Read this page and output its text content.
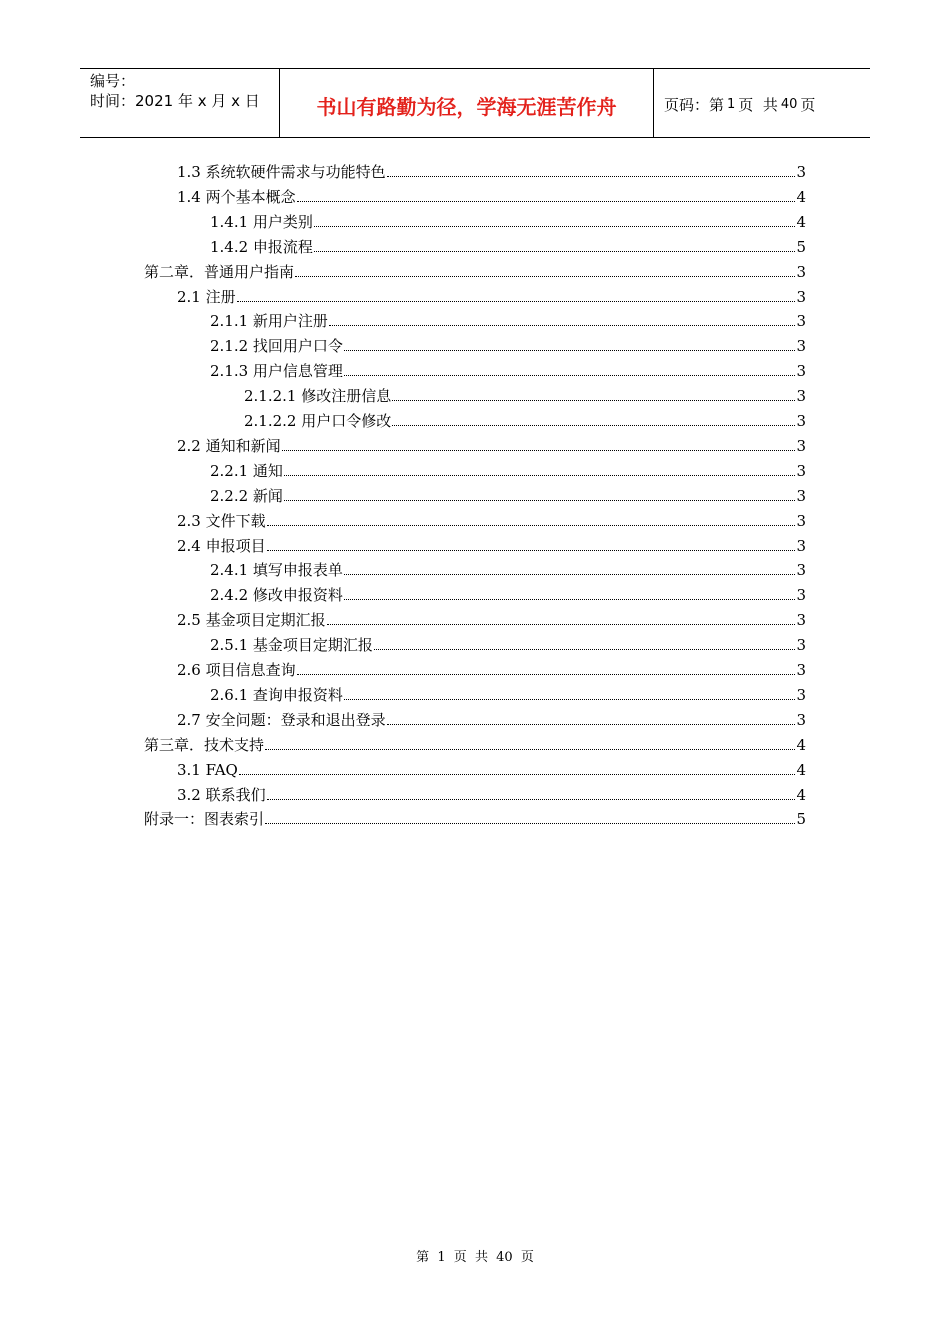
编号：
时间：2021 年 x 月 x 日	书山有路勤为径，学海无涯苦作舟	页码：第 1 页  共 40 页
1.3 系统软硬件需求与功能特色	3
1.4 两个基本概念	4
1.4.1 用户类别	4
1.4.2 申报流程	5
第二章．普通用户指南	3
2.1 注册	3
2.1.1 新用户注册	3
2.1.2 找回用户口令	3
2.1.3 用户信息管理	3
2.1.2.1 修改注册信息	3
2.1.2.2 用户口令修改	3
2.2 通知和新闻	3
2.2.1 通知	3
2.2.2 新闻	3
2.3 文件下载	3
2.4 申报项目	3
2.4.1 填写申报表单	3
2.4.2 修改申报资料	3
2.5 基金项目定期汇报	3
2.5.1 基金项目定期汇报	3
2.6 项目信息查询	3
2.6.1 查询申报资料	3
2.7 安全问题：登录和退出登录	3
第三章．技术支持	4
3.1 FAQ	4
3.2 联系我们	4
附录一：图表索引	5
第 1 页  共 40 页
